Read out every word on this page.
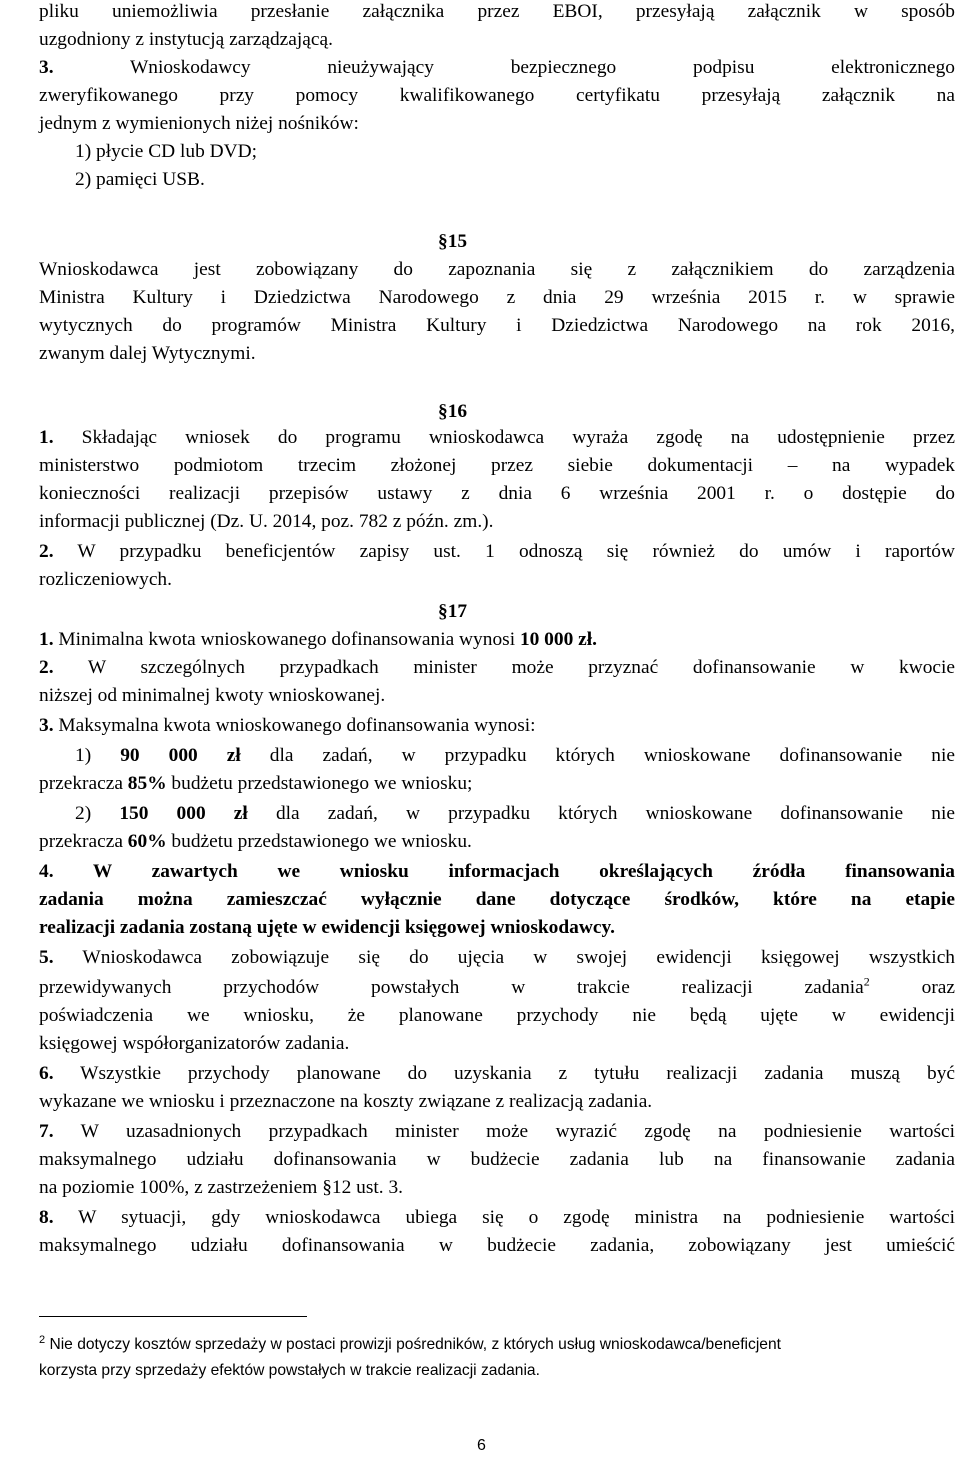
pliku uniemożliwia przesłanie załącznika przez EBOI, przesyłają załącznik w sposób
uzgodniony z instytucją zarządzającą.
3. Wnioskodawcy nieużywający bezpiecznego podpisu elektronicznego
zweryfikowanego przy pomocy kwalifikowanego certyfikatu przesyłają załącznik na
jednym z wymienionych niżej nośników:
1) płycie CD lub DVD;
2) pamięci USB.
§15
Wnioskodawca jest zobowiązany do zapoznania się z załącznikiem do zarządzenia
Ministra Kultury i Dziedzictwa Narodowego z dnia 29 września 2015 r. w sprawie
wytycznych do programów Ministra Kultury i Dziedzictwa Narodowego na rok 2016,
zwanym dalej Wytycznymi.
§16
1. Składając wniosek do programu wnioskodawca wyraża zgodę na udostępnienie przez
ministerstwo podmiotom trzecim złożonej przez siebie dokumentacji – na wypadek
konieczności realizacji przepisów ustawy z dnia 6 września 2001 r. o dostępie do
informacji publicznej (Dz. U. 2014, poz. 782 z późn. zm.).
2. W przypadku beneficjentów zapisy ust. 1 odnoszą się również do umów i raportów
rozliczeniowych.
§17
1. Minimalna kwota wnioskowanego dofinansowania wynosi 10 000 zł.
2. W szczególnych przypadkach minister może przyznać dofinansowanie w kwocie
niższej od minimalnej kwoty wnioskowanej.
3. Maksymalna kwota wnioskowanego dofinansowania wynosi:
1) 90 000 zł dla zadań, w przypadku których wnioskowane dofinansowanie nie
przekracza 85% budżetu przedstawionego we wniosku;
2) 150 000 zł dla zadań, w przypadku których wnioskowane dofinansowanie nie
przekracza 60% budżetu przedstawionego we wniosku.
4. W zawartych we wniosku informacjach określających źródła finansowania
zadania można zamieszczać wyłącznie dane dotyczące środków, które na etapie
realizacji zadania zostaną ujęte w ewidencji księgowej wnioskodawcy.
5. Wnioskodawca zobowiązuje się do ujęcia w swojej ewidencji księgowej wszystkich
przewidywanych przychodów powstałych w trakcie realizacji zadania$^2$ oraz
poświadczenia we wniosku, że planowane przychody nie będą ujęte w ewidencji
księgowej współorganizatorów zadania.
6. Wszystkie przychody planowane do uzyskania z tytułu realizacji zadania muszą być
wykazane we wniosku i przeznaczone na koszty związane z realizacją zadania.
7. W uzasadnionych przypadkach minister może wyrazić zgodę na podniesienie wartości
maksymalnego udziału dofinansowania w budżecie zadania lub na finansowanie zadania
na poziomie 100%, z zastrzeżeniem §12 ust. 3.
8. W sytuacji, gdy wnioskodawca ubiega się o zgodę ministra na podniesienie wartości
maksymalnego udziału dofinansowania w budżecie zadania, zobowiązany jest umieścić
$^2$ Nie dotyczy kosztów sprzedaży w postaci prowizji pośredników, z których usług wnioskodawca/beneficjent
korzysta przy sprzedaży efektów powstałych w trakcie realizacji zadania.
6
